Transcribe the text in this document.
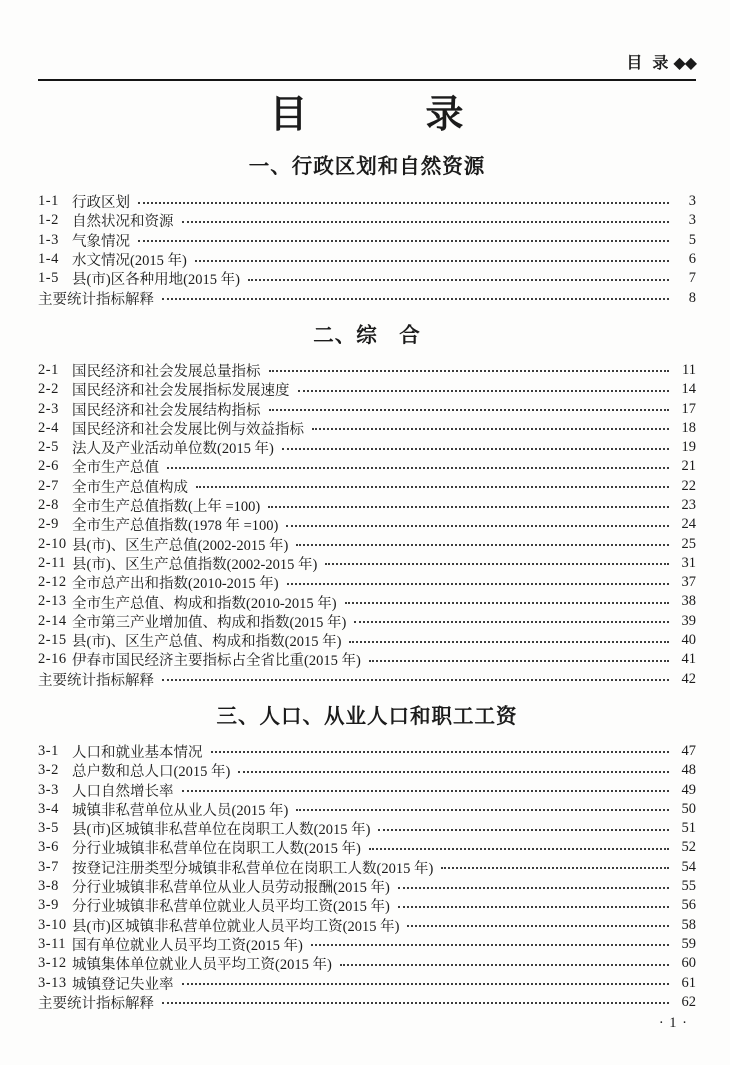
目 录 ◆◆
目　　　录
一、行政区划和自然资源
1-1 行政区划	3
1-2 自然状况和资源	3
1-3 气象情况	5
1-4 水文情况(2015 年)	6
1-5 县(市)区各种用地(2015 年)	7
主要统计指标解释	8
二、综　合
2-1 国民经济和社会发展总量指标	11
2-2 国民经济和社会发展指标发展速度	14
2-3 国民经济和社会发展结构指标	17
2-4 国民经济和社会发展比例与效益指标	18
2-5 法人及产业活动单位数(2015 年)	19
2-6 全市生产总值	21
2-7 全市生产总值构成	22
2-8 全市生产总值指数(上年 =100)	23
2-9 全市生产总值指数(1978 年 =100)	24
2-10 县(市)、区生产总值(2002-2015 年)	25
2-11 县(市)、区生产总值指数(2002-2015 年)	31
2-12 全市总产出和指数(2010-2015 年)	37
2-13 全市生产总值、构成和指数(2010-2015 年)	38
2-14 全市第三产业增加值、构成和指数(2015 年)	39
2-15 县(市)、区生产总值、构成和指数(2015 年)	40
2-16 伊春市国民经济主要指标占全省比重(2015 年)	41
主要统计指标解释	42
三、人口、从业人口和职工工资
3-1 人口和就业基本情况	47
3-2 总户数和总人口(2015 年)	48
3-3 人口自然增长率	49
3-4 城镇非私营单位从业人员(2015 年)	50
3-5 县(市)区城镇非私营单位在岗职工人数(2015 年)	51
3-6 分行业城镇非私营单位在岗职工人数(2015 年)	52
3-7 按登记注册类型分城镇非私营单位在岗职工人数(2015 年)	54
3-8 分行业城镇非私营单位从业人员劳动报酬(2015 年)	55
3-9 分行业城镇非私营单位就业人员平均工资(2015 年)	56
3-10 县(市)区城镇非私营单位就业人员平均工资(2015 年)	58
3-11 国有单位就业人员平均工资(2015 年)	59
3-12 城镇集体单位就业人员平均工资(2015 年)	60
3-13 城镇登记失业率	61
主要统计指标解释	62
· 1 ·
